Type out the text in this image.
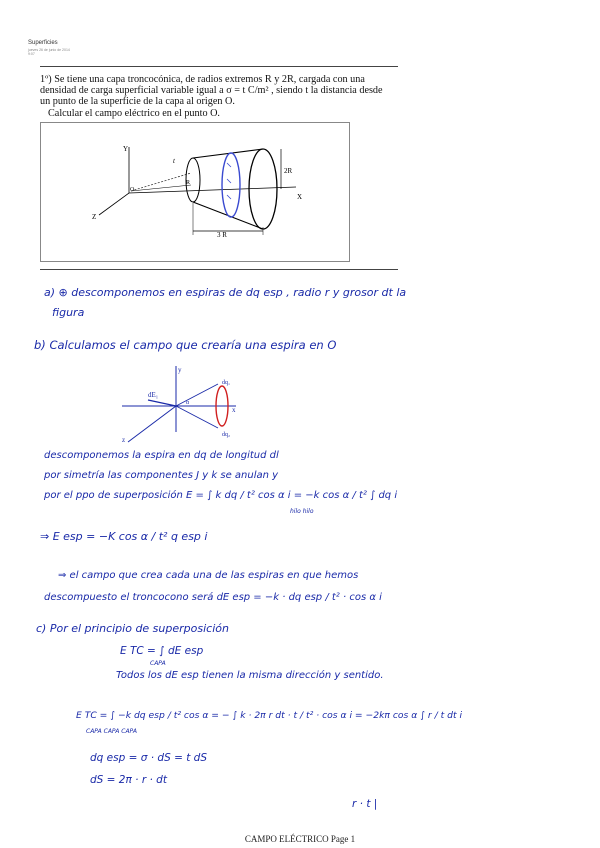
Superficies
jueves 26 de junio de 2014
9:07

1º) Se tiene una capa troncocónica, de radios extremos R y 2R, cargada con una

densidad de carga superficial variable igual a σ = t C/m² , siendo t la distancia desde

un punto de la superficie de la capa al origen O.

Calcular el campo eléctrico en el punto O.

Y
X
Z
O
t
R
2R
3 R
a) ⊕ descomponemos en espiras de dq esp , radio r y grosor dt la
figura
b) Calculamos el campo que crearía una espira en O
dE₁
dq₁
dq₂
x
y
z
α
descomponemos la espira en dq de longitud dl
por simetría las componentes J y k se anulan y
por el ppo de superposición E = ∫ k dq / t² cos α i = −k cos α / t² ∫ dq i
hilo hilo
⇒ E esp = −K cos α / t² q esp i
⇒ el campo que crea cada una de las espiras en que hemos
descompuesto el troncocono será dE esp = −k · dq esp / t² · cos α i
c) Por el principio de superposición
E TC = ∫ dE esp
CAPA
Todos los dE esp tienen la misma dirección y sentido.
E TC = ∫ −k dq esp / t² cos α = − ∫ k · 2π r dt · t / t² · cos α i = −2kπ cos α ∫ r / t dt i
CAPA CAPA CAPA
dq esp = σ · dS = t dS
dS = 2π · r · dt
r · t |
CAMPO ELÉCTRICO Page 1
